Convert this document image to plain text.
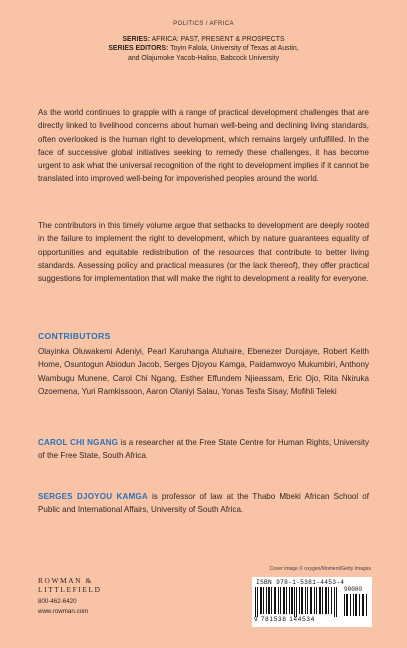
POLITICS / AFRICA
SERIES: AFRICA: PAST, PRESENT & PROSPECTS
SERIES EDITORS: Toyin Falola, University of Texas at Austin,
and Olajumoke Yacob-Haliso, Babcock University
As the world continues to grapple with a range of practical development challenges that are directly linked to livelihood concerns about human well-being and declining living standards, often overlooked is the human right to development, which remains largely unfulfilled. In the face of successive global initiatives seeking to remedy these challenges, it has become urgent to ask what the universal recognition of the right to development implies if it cannot be translated into improved well-being for impoverished peoples around the world.
The contributors in this timely volume argue that setbacks to development are deeply rooted in the failure to implement the right to development, which by nature guarantees equality of opportunities and equitable redistribution of the resources that contribute to better living standards. Assessing policy and practical measures (or the lack thereof), they offer practical suggestions for implementation that will make the right to development a reality for everyone.
CONTRIBUTORS
Olayinka Oluwakemi Adeniyi, Pearl Karuhanga Atuhaire, Ebenezer Durojaye, Robert Keith Home, Osuntogun Abiodun Jacob, Serges Djoyou Kamga, Paidamwoyo Mukumbiri, Anthony Wambugu Munene, Carol Chi Ngang, Esther Effundem Njieassam, Eric Ojo, Rita Nkiruka Ozoemena, Yuri Ramkissoon, Aaron Olaniyi Salau, Yonas Tesfa Sisay, Mofihli Teleki
CAROL CHI NGANG is a researcher at the Free State Centre for Human Rights, University of the Free State, South Africa.
SERGES DJOYOU KAMGA is professor of law at the Thabo Mbeki African School of Public and International Affairs, University of South Africa.
Cover image © oxygen/Moment/Getty Images
ROWMAN &
LITTLEFIELD
800-462-6420
www.rowman.com
ISBN 978-1-5381-4453-4
90000
9 781538 144534
